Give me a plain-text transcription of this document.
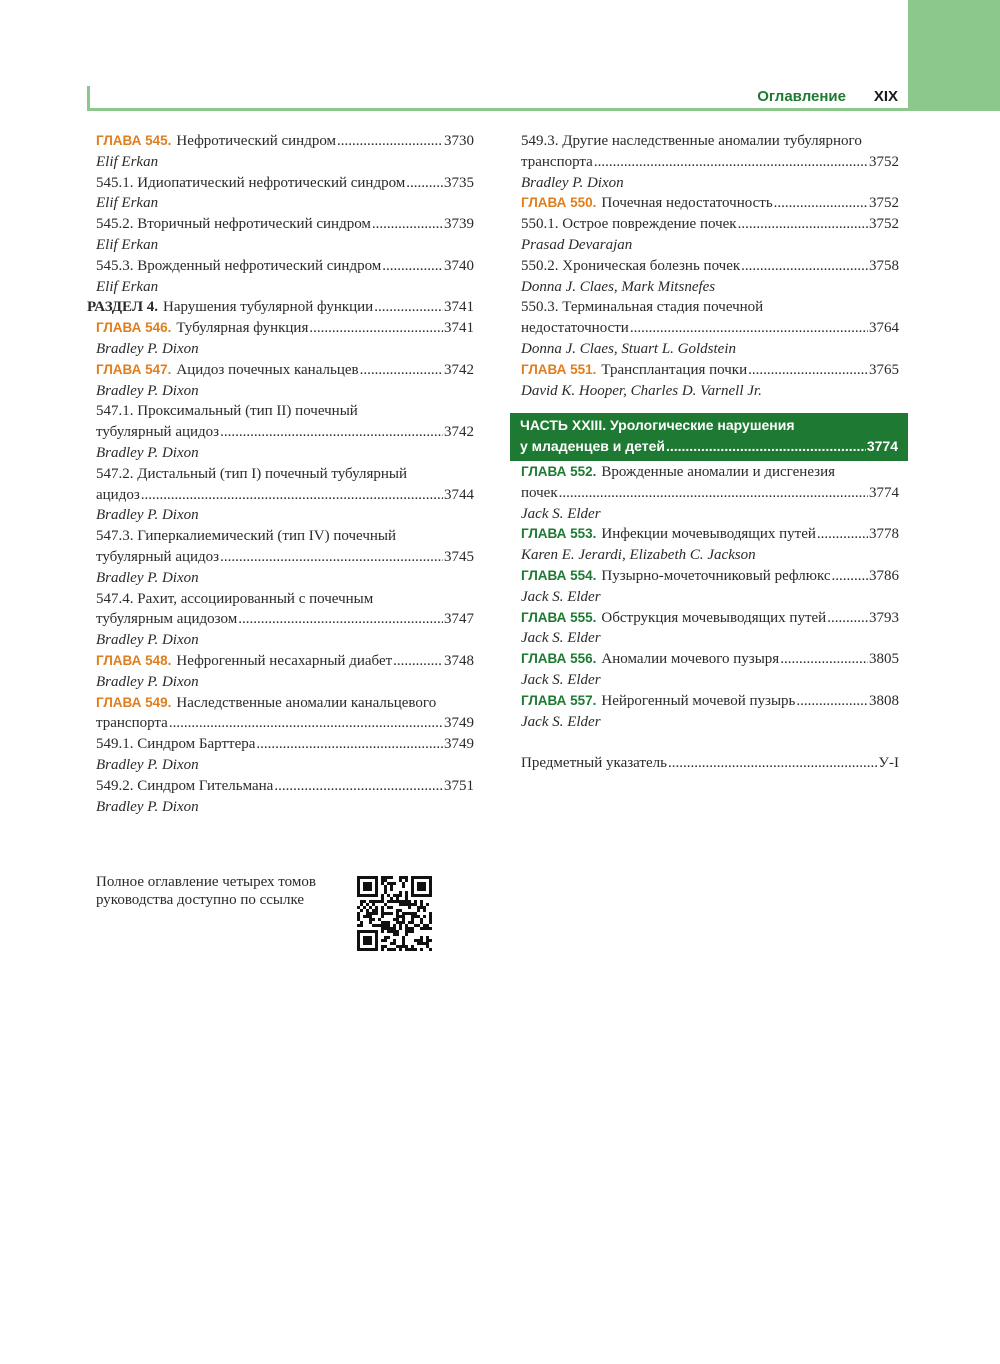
Оглавление	XIX
ГЛАВА 545. Нефротический синдром .....	3730
Elif Erkan
545.1. Идиопатический нефротический синдром .....	3735
Elif Erkan
545.2. Вторичный нефротический синдром .....	3739
Elif Erkan
545.3. Врожденный нефротический синдром .....	3740
Elif Erkan
РАЗДЕЛ 4. Нарушения тубулярной функции .....	3741
ГЛАВА 546. Тубулярная функция .....	3741
Bradley P. Dixon
ГЛАВА 547. Ацидоз почечных канальцев .....	3742
Bradley P. Dixon
547.1. Проксимальный (тип II) почечный
тубулярный ацидоз .....	3742
Bradley P. Dixon
547.2. Дистальный (тип I) почечный тубулярный
ацидоз .....	3744
Bradley P. Dixon
547.3. Гиперкалиемический (тип IV) почечный
тубулярный ацидоз .....	3745
Bradley P. Dixon
547.4. Рахит, ассоциированный с почечным
тубулярным ацидозом .....	3747
Bradley P. Dixon
ГЛАВА 548. Нефрогенный несахарный диабет .....	3748
Bradley P. Dixon
ГЛАВА 549. Наследственные аномалии канальцевого
транспорта .....	3749
549.1. Синдром Барттера .....	3749
Bradley P. Dixon
549.2. Синдром Гительмана .....	3751
Bradley P. Dixon
549.3. Другие наследственные аномалии тубулярного
транспорта .....	3752
Bradley P. Dixon
ГЛАВА 550. Почечная недостаточность .....	3752
550.1. Острое повреждение почек .....	3752
Prasad Devarajan
550.2. Хроническая болезнь почек .....	3758
Donna J. Claes, Mark Mitsnefes
550.3. Терминальная стадия почечной
недостаточности .....	3764
Donna J. Claes, Stuart L. Goldstein
ГЛАВА 551. Трансплантация почки .....	3765
David K. Hooper, Charles D. Varnell Jr.
ЧАСТЬ XXIII.
Урологические нарушения
у младенцев и детей .....	3774
ГЛАВА 552. Врожденные аномалии и дисгенезия
почек .....	3774
Jack S. Elder
ГЛАВА 553. Инфекции мочевыводящих путей .....	3778
Karen E. Jerardi, Elizabeth C. Jackson
ГЛАВА 554. Пузырно-мочеточниковый рефлюкс .....	3786
Jack S. Elder
ГЛАВА 555. Обструкция мочевыводящих путей .....	3793
Jack S. Elder
ГЛАВА 556. Аномалии мочевого пузыря .....	3805
Jack S. Elder
ГЛАВА 557. Нейрогенный мочевой пузырь .....	3808
Jack S. Elder
Предметный указатель .....	У-I
Полное оглавление четырех томов
руководства доступно по ссылке
